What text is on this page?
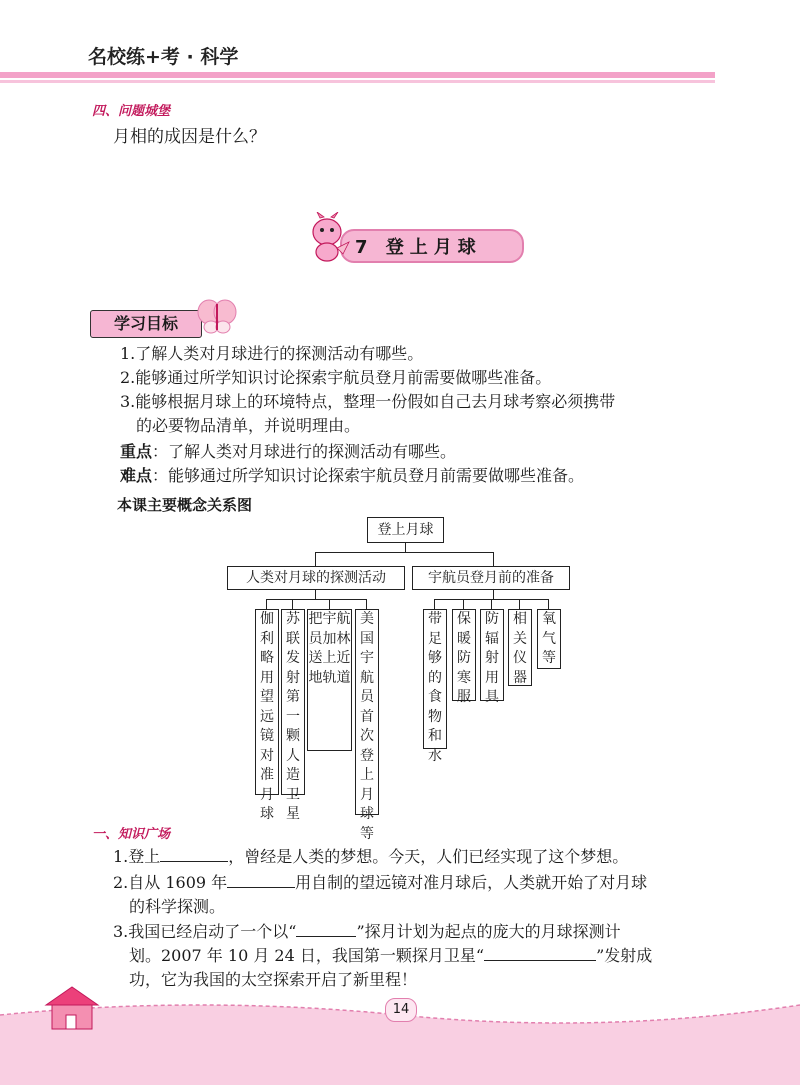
名校练+考 · 科学
四、问题城堡
月相的成因是什么？
7 登上月球
学习目标
1.了解人类对月球进行的探测活动有哪些。
2.能够通过所学知识讨论探索宇航员登月前需要做哪些准备。
3.能够根据月球上的环境特点，整理一份假如自己去月球考察必须携带
的必要物品清单，并说明理由。
重点：了解人类对月球进行的探测活动有哪些。
难点：能够通过所学知识讨论探索宇航员登月前需要做哪些准备。
本课主要概念关系图
登上月球
人类对月球的探测活动	宇航员登月前的准备
伽利略用望远镜对准月球
苏联发射第一颗人造卫星
把宇航员加林送上近地轨道
美国宇航员首次登上月球等
带足够的食物和水
保暖防寒服
防辐射用具
相关仪器
氧气等
一、知识广场
1.登上	，曾经是人类的梦想。今天，人们已经实现了这个梦想。
2.自从 1609 年	用自制的望远镜对准月球后，人类就开始了对月球
的科学探测。
3.我国已经启动了一个以“	”探月计划为起点的庞大的月球探测计
划。2007 年 10 月 24 日，我国第一颗探月卫星“	”发射成
功，它为我国的太空探索开启了新里程！
14
